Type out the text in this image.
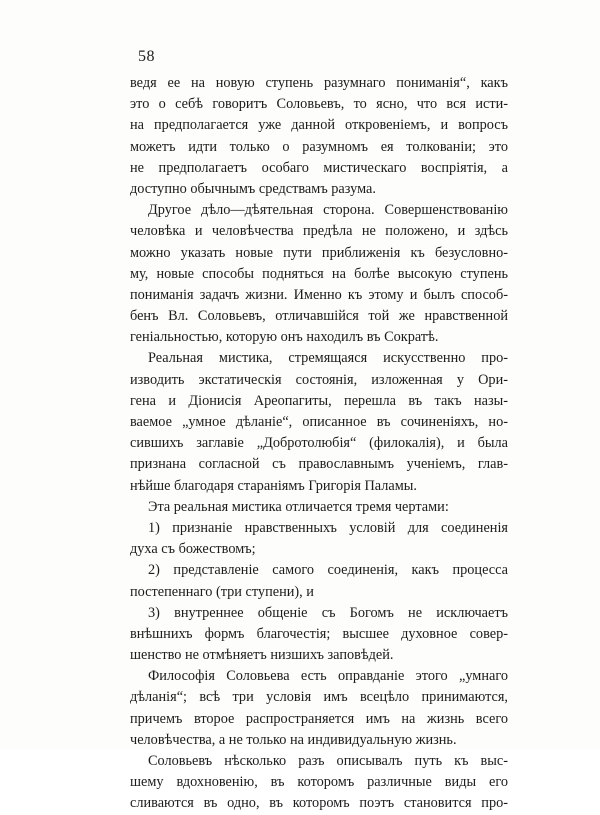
58
ведя ее на новую ступень разумнаго пониманія“, какъ
это о себѣ говоритъ Соловьевъ, то ясно, что вся исти-
на предполагается уже данной откровеніемъ, и вопросъ
можетъ идти только о разумномъ ея толкованіи; это
не предполагаетъ особаго мистическаго воспріятія, а
доступно обычнымъ средствамъ разума.
Другое дѣло—дѣятельная сторона. Совершенствованію
человѣка и человѣчества предѣла не положено, и здѣсь
можно указать новые пути приближенія къ безусловно-
му, новые способы подняться на болѣе высокую ступень
пониманія задачъ жизни. Именно къ этому и былъ способ-
бенъ Вл. Соловьевъ, отличавшійся той же нравственной
геніальностью, которую онъ находилъ въ Сократѣ.
Реальная мистика, стремящаяся искусственно про-
изводить экстатическія состоянія, изложенная у Ори-
гена и Діонисія Ареопагиты, перешла въ такъ назы-
ваемое „умное дѣланіе“, описанное въ сочиненіяхъ, но-
сившихъ заглавіе „Добротолюбія“ (филокалія), и была
признана согласной съ православнымъ ученіемъ, глав-
нѣйше благодаря стараніямъ Григорія Паламы.
Эта реальная мистика отличается тремя чертами:
1) признаніе нравственныхъ условій для соединенія
духа съ божествомъ;
2) представленіе самого соединенія, какъ процесса
постепеннаго (три ступени), и
3) внутреннее общеніе съ Богомъ не исключаетъ
внѣшнихъ формъ благочестія; высшее духовное совер-
шенство не отмѣняетъ низшихъ заповѣдей.
Философія Соловьева есть оправданіе этого „умнаго
дѣланія“; всѣ три условія имъ всецѣло принимаются,
причемъ второе распространяется имъ на жизнь всего
человѣчества, а не только на индивидуальную жизнь.
Соловьевъ нѣсколько разъ описывалъ путь къ выс-
шему вдохновенію, въ которомъ различные виды его
сливаются въ одно, въ которомъ поэтъ становится про-
